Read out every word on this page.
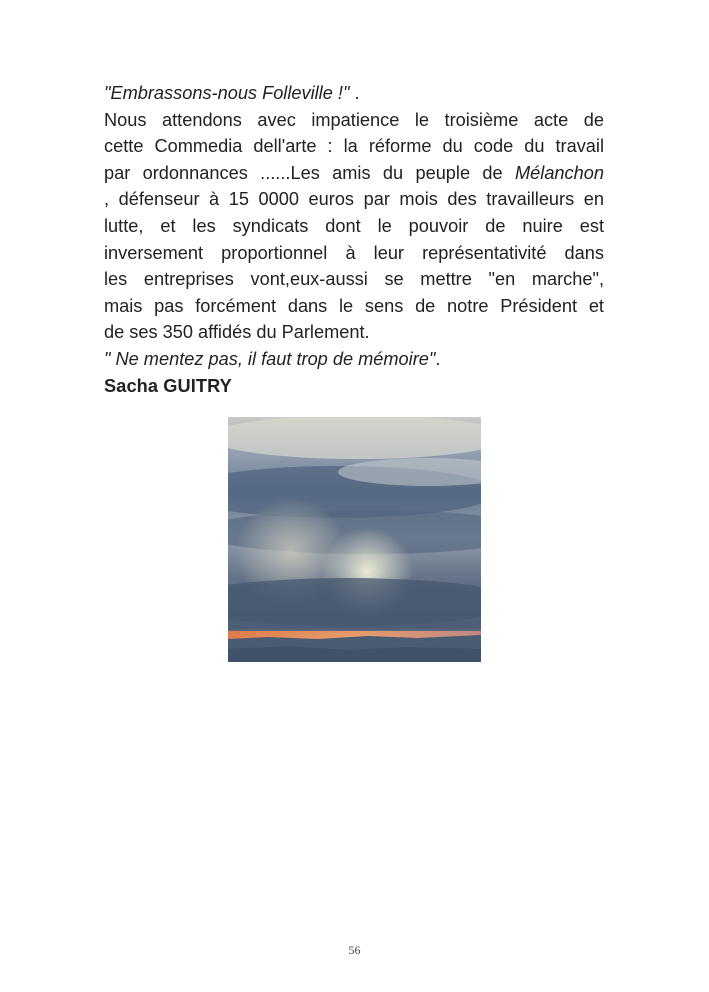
"Embrassons-nous Folleville !" .
Nous attendons avec impatience le troisième acte de
cette Commedia dell'arte : la réforme du code du travail
par ordonnances ......Les amis du peuple de Mélanchon
, défenseur à 15 0000 euros par mois des travailleurs en
lutte, et les syndicats dont le pouvoir de nuire est
inversement proportionnel à leur représentativité dans
les entreprises vont,eux-aussi se mettre "en marche",
mais pas forcément dans le sens de notre Président et
de ses 350 affidés du Parlement.
" Ne mentez pas, il faut trop de mémoire".
Sacha GUITRY
56
